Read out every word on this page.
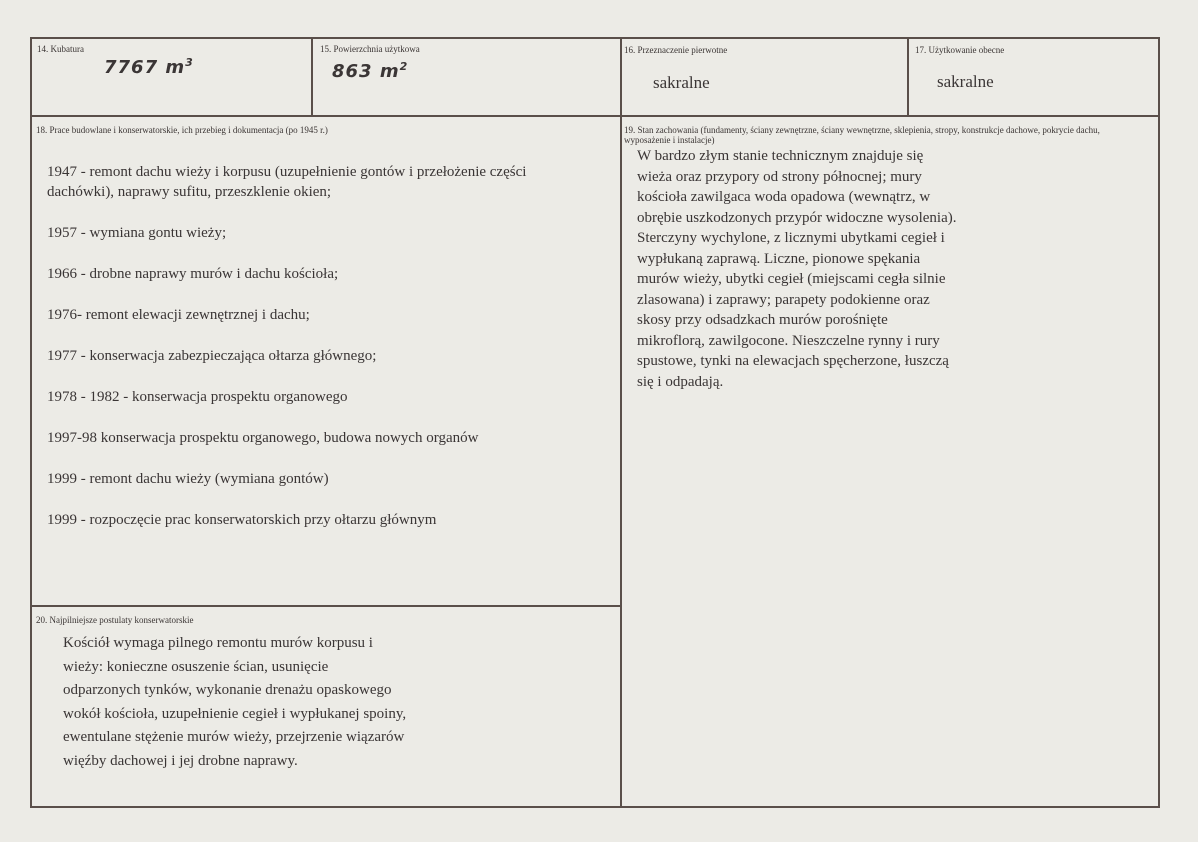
14. Kubatura
7767 $m^3$
15. Powierzchnia użytkowa
863 $m^2$
16. Przeznaczenie pierwotne
sakralne
17. Użytkowanie obecne
sakralne
18. Prace budowlane i konserwatorskie, ich przebieg i dokumentacja (po 1945 r.)

1947 - remont dachu wieży i korpusu (uzupełnienie gontów i przełożenie części dachówki), naprawy sufitu, przeszklenie okien;

1957 - wymiana gontu wieży;

1966 - drobne naprawy murów i dachu kościoła;

1976- remont elewacji zewnętrznej i dachu;

1977 - konserwacja zabezpieczająca ołtarza głównego;

1978 - 1982 - konserwacja prospektu organowego

1997-98 konserwacja prospektu organowego, budowa nowych organów

1999 - remont dachu wieży (wymiana gontów)

1999 - rozpoczęcie prac konserwatorskich przy ołtarzu głównym

19. Stan zachowania (fundamenty, ściany zewnętrzne, ściany wewnętrzne, sklepienia, stropy, konstrukcje dachowe, pokrycie dachu, wyposażenie i instalacje)
W bardzo złym stanie technicznym znajduje się
wieża oraz przypory od strony północnej; mury
kościoła zawilgaca woda opadowa (wewnątrz, w
obrębie uszkodzonych przypór widoczne wysolenia).
Sterczyny wychylone, z licznymi ubytkami cegieł i
wypłukaną zaprawą. Liczne, pionowe spękania
murów wieży, ubytki cegieł (miejscami cegła silnie
zlasowana) i zaprawy; parapety podokienne oraz
skosy przy odsadzkach murów porośnięte
mikroflorą, zawilgocone. Nieszczelne rynny i rury
spustowe, tynki na elewacjach spęcherzone, łuszczą
się i odpadają.
20. Najpilniejsze postulaty konserwatorskie
Kościół wymaga pilnego remontu murów korpusu i
wieży: konieczne osuszenie ścian, usunięcie
odparzonych tynków, wykonanie drenażu opaskowego
wokół kościoła, uzupełnienie cegieł i wypłukanej spoiny,
ewentulane stężenie murów wieży, przejrzenie wiązarów
więźby dachowej i jej drobne naprawy.
